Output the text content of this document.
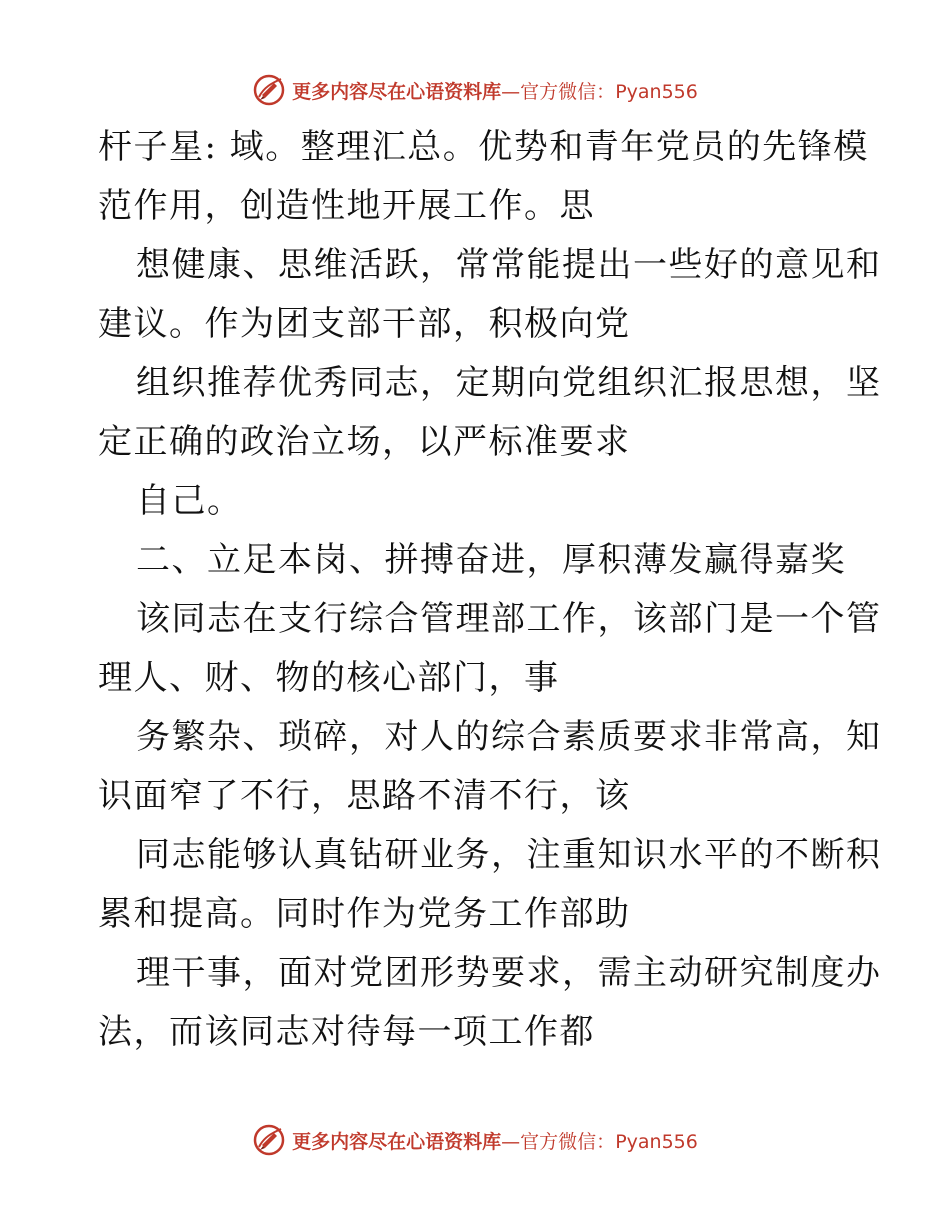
更多内容尽在心语资料库—官方微信：Pyan556
杆子星: 域。整理汇总。优势和青年党员的先锋模
范作用，创造性地开展工作。思
想健康、思维活跃，常常能提出一些好的意见和
建议。作为团支部干部，积极向党
组织推荐优秀同志，定期向党组织汇报思想，坚
定正确的政治立场，以严标准要求
自己。
二、立足本岗、拼搏奋进，厚积薄发赢得嘉奖
该同志在支行综合管理部工作，该部门是一个管
理人、财、物的核心部门，事
务繁杂、琐碎，对人的综合素质要求非常高，知
识面窄了不行，思路不清不行，该
同志能够认真钻研业务，注重知识水平的不断积
累和提高。同时作为党务工作部助
理干事，面对党团形势要求，需主动研究制度办
法，而该同志对待每一项工作都
更多内容尽在心语资料库—官方微信：Pyan556
